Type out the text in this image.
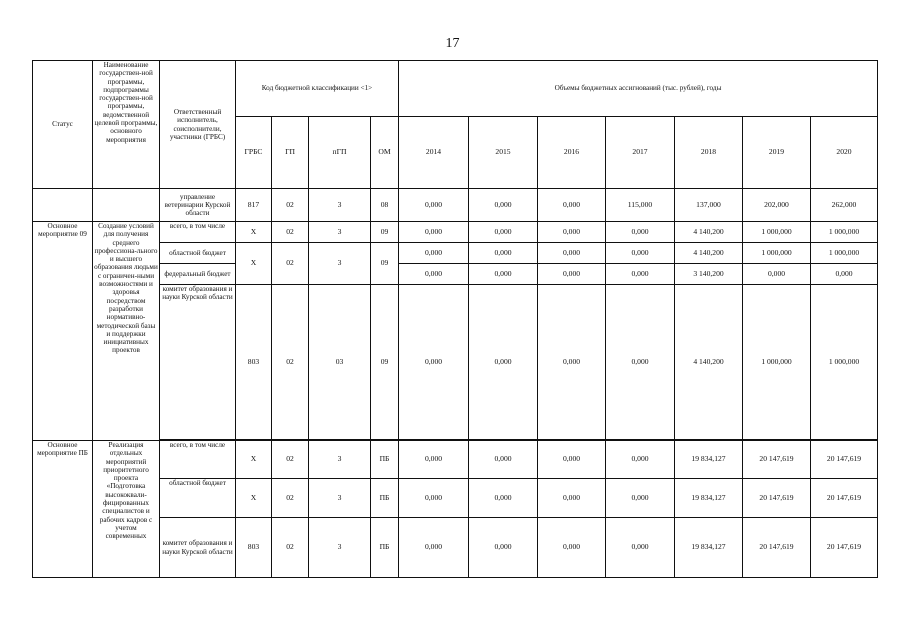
17
Статус	Наименование государствен-ной программы, подпрограммы государствен-ной программы, ведомственной целевой программы, основного мероприятия	Ответственный исполнитель, соисполнители, участники (ГРБС)	Код бюджетной классификации <1>				Объемы бюджетных ассигнований (тыс. рублей), годы						
			ГРБС	ГП	пГП	ОМ	2014	2015	2016	2017	2018	2019	2020
		управление ветеринарии Курской области	817	02	3	08	0,000	0,000	0,000	115,000	137,000	202,000	262,000
Основное мероприятие 09	Создание условий для получения среднего профессиона-льного и высшего образования людьми с ограничен-ными возможностями и здоровья посредством разработки нормативно-методической базы и поддержки инициативных проектов	всего, в том числе	Х	02	3	09	0,000	0,000	0,000	0,000	4 140,200	1 000,000	1 000,000
		областной бюджет	Х	02	3	09	0,000	0,000	0,000	0,000	4 140,200	1 000,000	1 000,000
		федеральный бюджет					0,000	0,000	0,000	0,000	3 140,200	0,000	0,000
		комитет образования и науки Курской области	803	02	03	09	0,000	0,000	0,000	0,000	4 140,200	1 000,000	1 000,000

Основное мероприятие ПБ	Реализация отдельных мероприятий приоритетного проекта «Подготовка высококвали-фицированных специалистов и рабочих кадров с учетом современных	всего, в том числе	Х	02	3	ПБ	0,000	0,000	0,000	0,000	19 834,127	20 147,619	20 147,619
		областной бюджет	Х	02	3	ПБ	0,000	0,000	0,000	0,000	19 834,127	20 147,619	20 147,619
		комитет образования и науки Курской области	803	02	3	ПБ	0,000	0,000	0,000	0,000	19 834,127	20 147,619	20 147,619
